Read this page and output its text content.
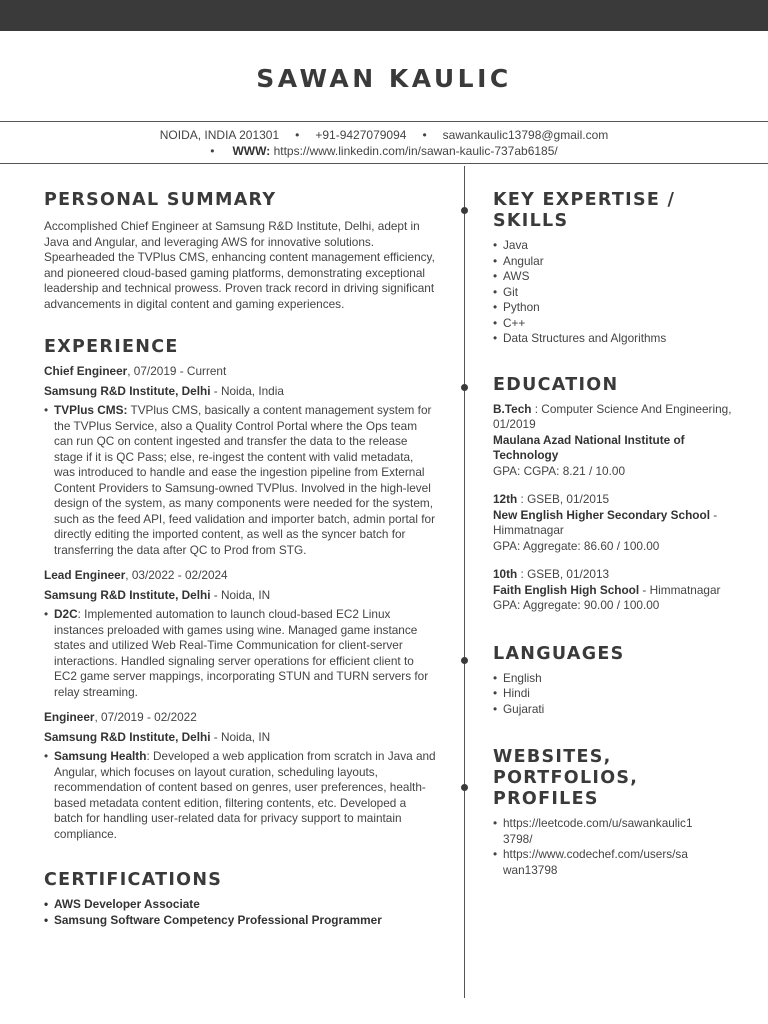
SAWAN KAULIC
NOIDA, INDIA 201301 • +91-9427079094 • sawankaulic13798@gmail.com
• WWW: https://www.linkedin.com/in/sawan-kaulic-737ab6185/
PERSONAL SUMMARY

Accomplished Chief Engineer at Samsung R&D Institute, Delhi, adept in Java and Angular, and leveraging AWS for innovative solutions. Spearheaded the TVPlus CMS, enhancing content management efficiency, and pioneered cloud-based gaming platforms, demonstrating exceptional leadership and technical prowess. Proven track record in driving significant advancements in digital content and gaming experiences.

EXPERIENCE

Chief Engineer, 07/2019 - Current

Samsung R&D Institute, Delhi - Noida, India

• TVPlus CMS: TVPlus CMS, basically a content management system for the TVPlus Service, also a Quality Control Portal where the Ops team can run QC on content ingested and transfer the data to the release stage if it is QC Pass; else, re-ingest the content with valid metadata, was introduced to handle and ease the ingestion pipeline from External Content Providers to Samsung-owned TVPlus. Involved in the high-level design of the system, as many components were needed for the system, such as the feed API, feed validation and importer batch, admin portal for directly editing the imported content, as well as the syncer batch for transferring the data after QC to Prod from STG.

Lead Engineer, 03/2022 - 02/2024

Samsung R&D Institute, Delhi - Noida, IN

• D2C: Implemented automation to launch cloud-based EC2 Linux instances preloaded with games using wine. Managed game instance states and utilized Web Real-Time Communication for client-server interactions. Handled signaling server operations for efficient client to EC2 game server mappings, incorporating STUN and TURN servers for relay streaming.

Engineer, 07/2019 - 02/2022

Samsung R&D Institute, Delhi - Noida, IN

• Samsung Health: Developed a web application from scratch in Java and Angular, which focuses on layout curation, scheduling layouts, recommendation of content based on genres, user preferences, health-based metadata content edition, filtering contents, etc. Developed a batch for handling user-related data for privacy support to maintain compliance.
CERTIFICATIONS
• AWS Developer Associate
• Samsung Software Competency Professional Programmer
KEY EXPERTISE / SKILLS
• Java
• Angular
• AWS
• Git
• Python
• C++
• Data Structures and Algorithms
EDUCATION

B.Tech : Computer Science And Engineering, 01/2019

Maulana Azad National Institute of Technology

GPA: CGPA: 8.21 / 10.00

12th : GSEB, 01/2015

New English Higher Secondary School - Himmatnagar

GPA: Aggregate: 86.60 / 100.00

10th : GSEB, 01/2013

Faith English High School - Himmatnagar

GPA: Aggregate: 90.00 / 100.00

LANGUAGES
• English
• Hindi
• Gujarati
WEBSITES, PORTFOLIOS, PROFILES
• https://leetcode.com/u/sawankaulic13798/
• https://www.codechef.com/users/sawan13798
